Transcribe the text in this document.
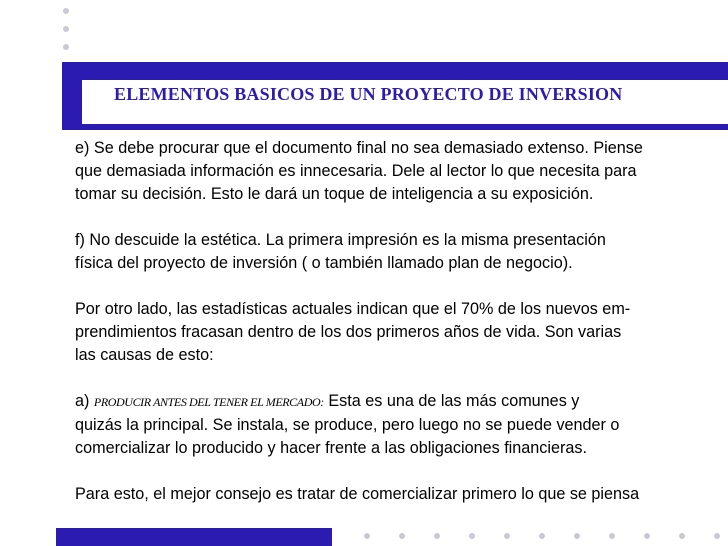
ELEMENTOS BASICOS DE UN PROYECTO DE INVERSION
e) Se debe procurar que el documento final no sea demasiado extenso. Piense
que demasiada información es innecesaria. Dele al lector lo que necesita para
tomar su decisión. Esto le dará un toque de inteligencia a su exposición.
f) No descuide la estética. La primera impresión es la misma presentación
física del proyecto de inversión ( o también llamado plan de negocio).
Por otro lado, las estadísticas actuales indican que el 70% de los nuevos em-
prendimientos fracasan dentro de los dos primeros años de vida. Son varias
las causas de esto:
a) PRODUCIR ANTES DEL TENER EL MERCADO: Esta es una de las más comunes y
quizás la principal. Se instala, se produce, pero luego no se puede vender o
comercializar lo producido y hacer frente a las obligaciones financieras.
Para esto, el mejor consejo es tratar de comercializar primero lo que se piensa
